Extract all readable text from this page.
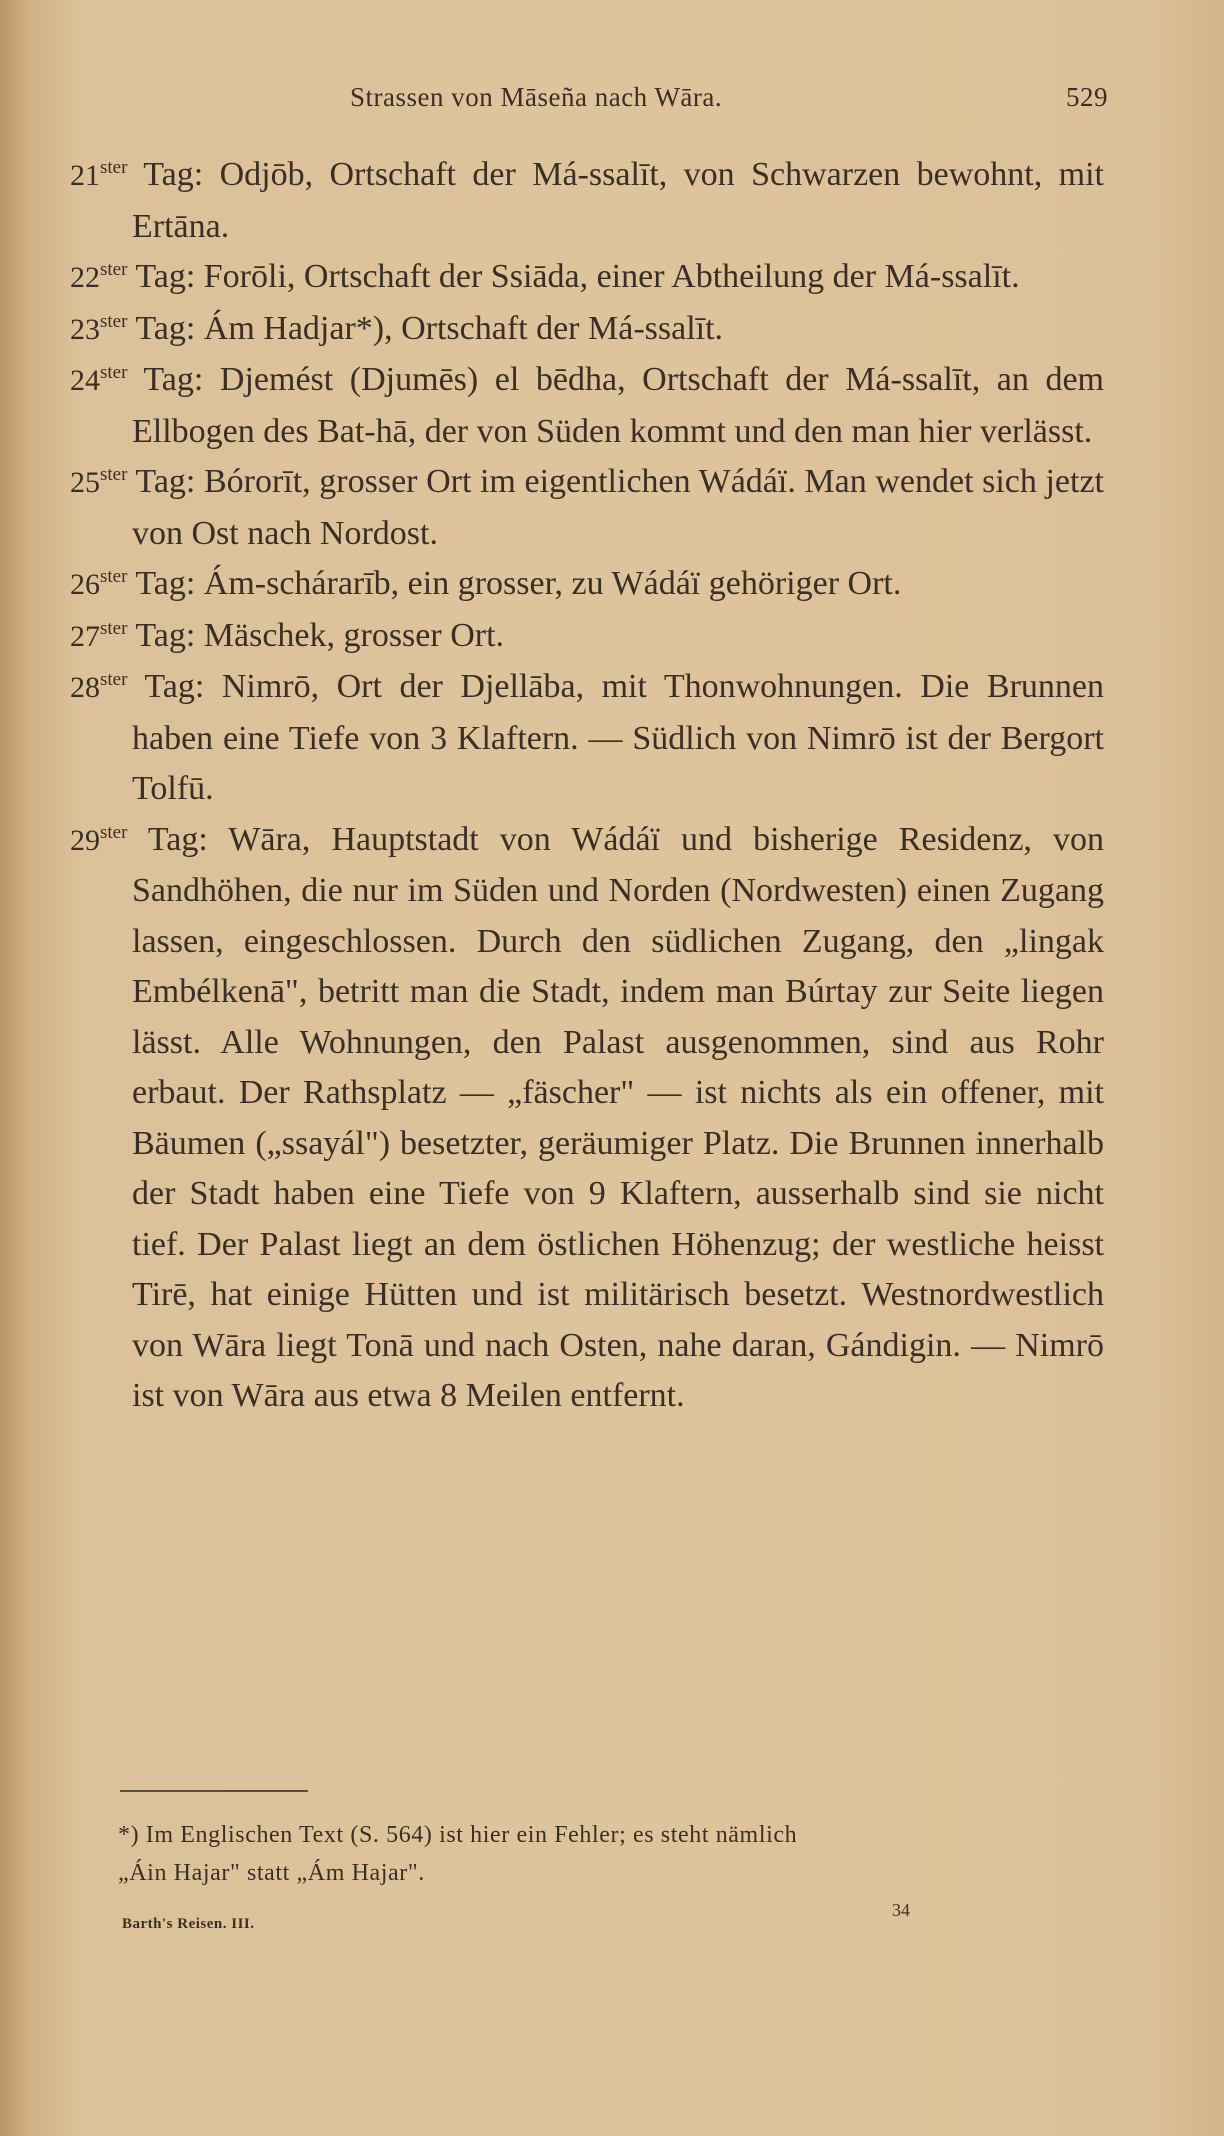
Strassen von Māseña nach Wāra.	529

$21^{ster}$ Tag: Odjōb, Ortschaft der Má-ssalīt, von Schwarzen bewohnt, mit Ertāna.

$22^{ster}$ Tag: Forōli, Ortschaft der Ssiāda, einer Abtheilung der Má-ssalīt.

$23^{ster}$ Tag: Ám Hadjar*), Ortschaft der Má-ssalīt.

$24^{ster}$ Tag: Djemést (Djumēs) el bēdha, Ortschaft der Má-ssalīt, an dem Ellbogen des Bat-hā, der von Süden kommt und den man hier verlässt.

$25^{ster}$ Tag: Bórorīt, grosser Ort im eigentlichen Wádáï. Man wendet sich jetzt von Ost nach Nordost.

$26^{ster}$ Tag: Ám-schárarīb, ein grosser, zu Wádáï gehöriger Ort.

$27^{ster}$ Tag: Mäschek, grosser Ort.

$28^{ster}$ Tag: Nimrō, Ort der Djellāba, mit Thonwohnungen. Die Brunnen haben eine Tiefe von 3 Klaftern. — Südlich von Nimrō ist der Bergort Tolfū.

$29^{ster}$ Tag: Wāra, Hauptstadt von Wádáï und bisherige Residenz, von Sandhöhen, die nur im Süden und Norden (Nordwesten) einen Zugang lassen, eingeschlossen. Durch den südlichen Zugang, den „lingak Embélkenā", betritt man die Stadt, indem man Búrtay zur Seite liegen lässt. Alle Wohnungen, den Palast ausgenommen, sind aus Rohr erbaut. Der Rathsplatz — „fäscher" — ist nichts als ein offener, mit Bäumen („ssayál") besetzter, geräumiger Platz. Die Brunnen innerhalb der Stadt haben eine Tiefe von 9 Klaftern, ausserhalb sind sie nicht tief. Der Palast liegt an dem östlichen Höhenzug; der westliche heisst Tirē, hat einige Hütten und ist militärisch besetzt. Westnordwestlich von Wāra liegt Tonā und nach Osten, nahe daran, Gándigin. — Nimrō ist von Wāra aus etwa 8 Meilen entfernt.

*) Im Englischen Text (S. 564) ist hier ein Fehler; es steht nämlich
„Áin Hajar" statt „Ám Hajar".
Barth's Reisen. III.
34
